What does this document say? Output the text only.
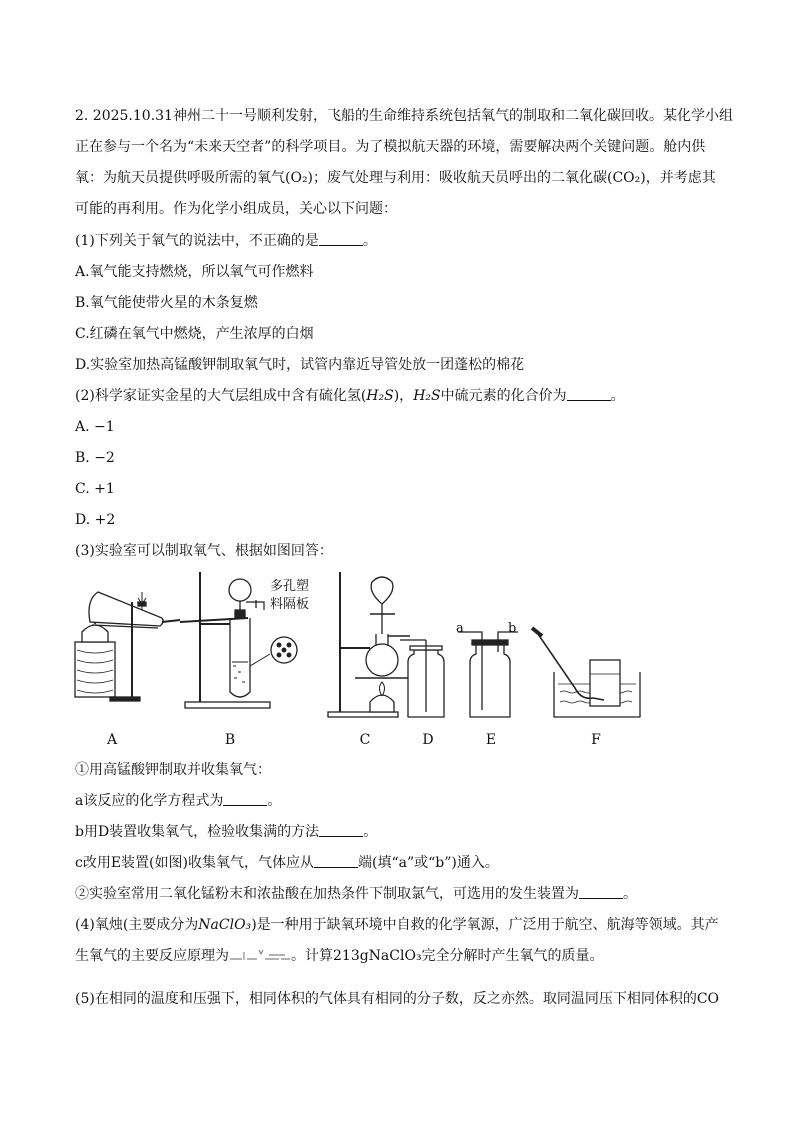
2. 2025.10.31神州二十一号顺利发射，飞船的生命维持系统包括氧气的制取和二氧化碳回收。某化学小组
正在参与一个名为“未来天空者”的科学项目。为了模拟航天器的环境，需要解决两个关键问题。舱内供
氧：为航天员提供呼吸所需的氧气(O₂)；废气处理与利用：吸收航天员呼出的二氧化碳(CO₂)，并考虑其
可能的再利用。作为化学小组成员，关心以下问题：
(1)下列关于氧气的说法中，不正确的是	。
A.氧气能支持燃烧，所以氧气可作燃料
B.氧气能使带火星的木条复燃
C.红磷在氧气中燃烧，产生浓厚的白烟
D.实验室加热高锰酸钾制取氧气时，试管内靠近导管处放一团蓬松的棉花
(2)科学家证实金星的大气层组成中含有硫化氢(H₂S)，H₂S中硫元素的化合价为	。
A. −1
B. −2
C. +1
D. +2
(3)实验室可以制取氧气、根据如图回答：
多孔塑
料隔板
a	b
A	B	C	D	E	F
①用高锰酸钾制取并收集氧气：
a该反应的化学方程式为	。
b用D装置收集氧气，检验收集满的方法	。
c改用E装置(如图)收集氧气，气体应从	端(填“a”或“b”)通入。
②实验室常用二氧化锰粉末和浓盐酸在加热条件下制取氯气，可选用的发生装置为	。
(4)氧烛(主要成分为NaClO₃)是一种用于缺氧环境中自救的化学氧源，广泛用于航空、航海等领域。其产
生氧气的主要反应原理为	。计算213gNaClO₃完全分解时产生氧气的质量。
(5)在相同的温度和压强下，相同体积的气体具有相同的分子数，反之亦然。取同温同压下相同体积的CO
